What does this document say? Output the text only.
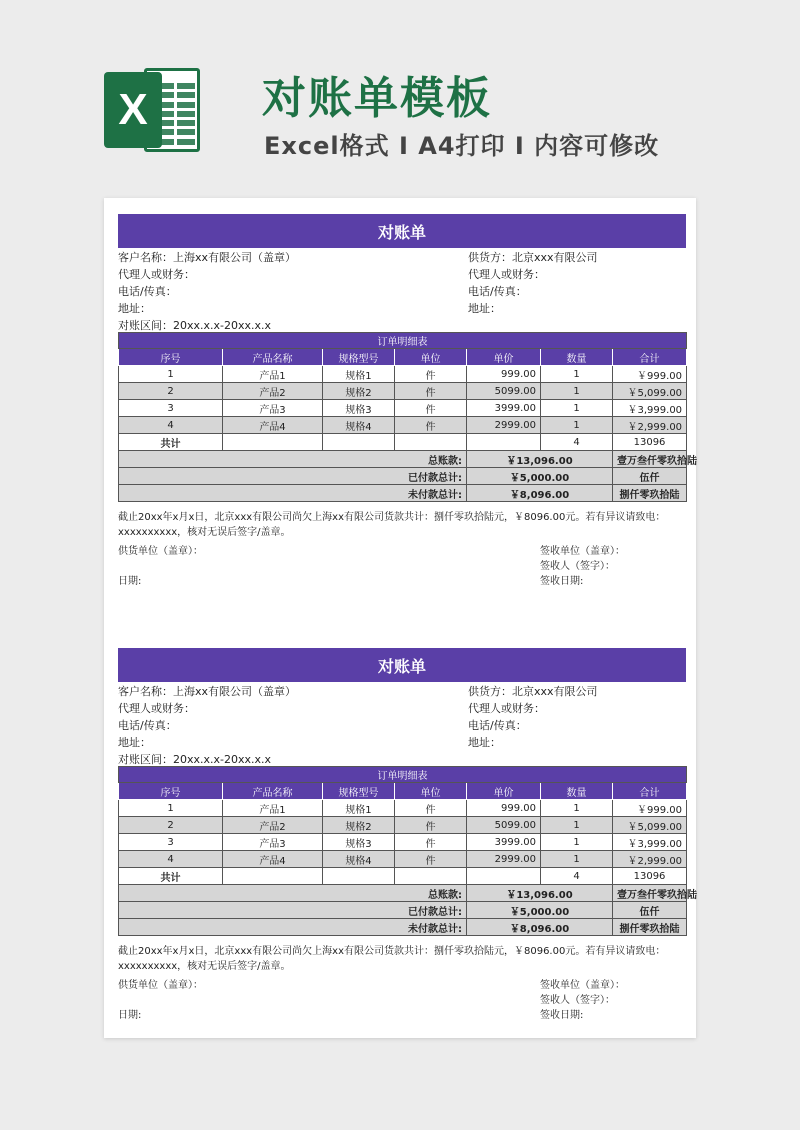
X	对账单模板
Excel格式 I A4打印 I 内容可修改
对账单
客户名称：上海xx有限公司（盖章）	供货方：北京xxx有限公司
代理人或财务：	代理人或财务：
电话/传真：	电话/传真：
地址：	地址：
对账区间：20xx.x.x-20xx.x.x
订单明细表						
序号	产品名称	规格型号	单位	单价	数量	合计
1	产品1	规格1	件	999.00	1	￥999.00
2	产品2	规格2	件	5099.00	1	￥5,099.00
3	产品3	规格3	件	3999.00	1	￥3,999.00
4	产品4	规格4	件	2999.00	1	￥2,999.00
共计					4	13096
总账款:				￥13,096.00		壹万叁仟零玖拾陆
已付款总计:				￥5,000.00		伍仟
未付款总计:				￥8,096.00		捌仟零玖拾陆
截止20xx年x月x日，北京xxx有限公司尚欠上海xx有限公司货款共计：捌仟零玖拾陆元，￥8096.00元。若有异议请致电：
xxxxxxxxxx，核对无误后签字/盖章。
供货单位（盖章）：	签收单位（盖章）：
签收人（签字）：
日期:	签收日期:
对账单
客户名称：上海xx有限公司（盖章）	供货方：北京xxx有限公司
代理人或财务：	代理人或财务：
电话/传真：	电话/传真：
地址：	地址：
对账区间：20xx.x.x-20xx.x.x
订单明细表						
序号	产品名称	规格型号	单位	单价	数量	合计
1	产品1	规格1	件	999.00	1	￥999.00
2	产品2	规格2	件	5099.00	1	￥5,099.00
3	产品3	规格3	件	3999.00	1	￥3,999.00
4	产品4	规格4	件	2999.00	1	￥2,999.00
共计					4	13096
总账款:				￥13,096.00		壹万叁仟零玖拾陆
已付款总计:				￥5,000.00		伍仟
未付款总计:				￥8,096.00		捌仟零玖拾陆
截止20xx年x月x日，北京xxx有限公司尚欠上海xx有限公司货款共计：捌仟零玖拾陆元，￥8096.00元。若有异议请致电：
xxxxxxxxxx，核对无误后签字/盖章。
供货单位（盖章）：	签收单位（盖章）：
签收人（签字）：
日期:	签收日期:
